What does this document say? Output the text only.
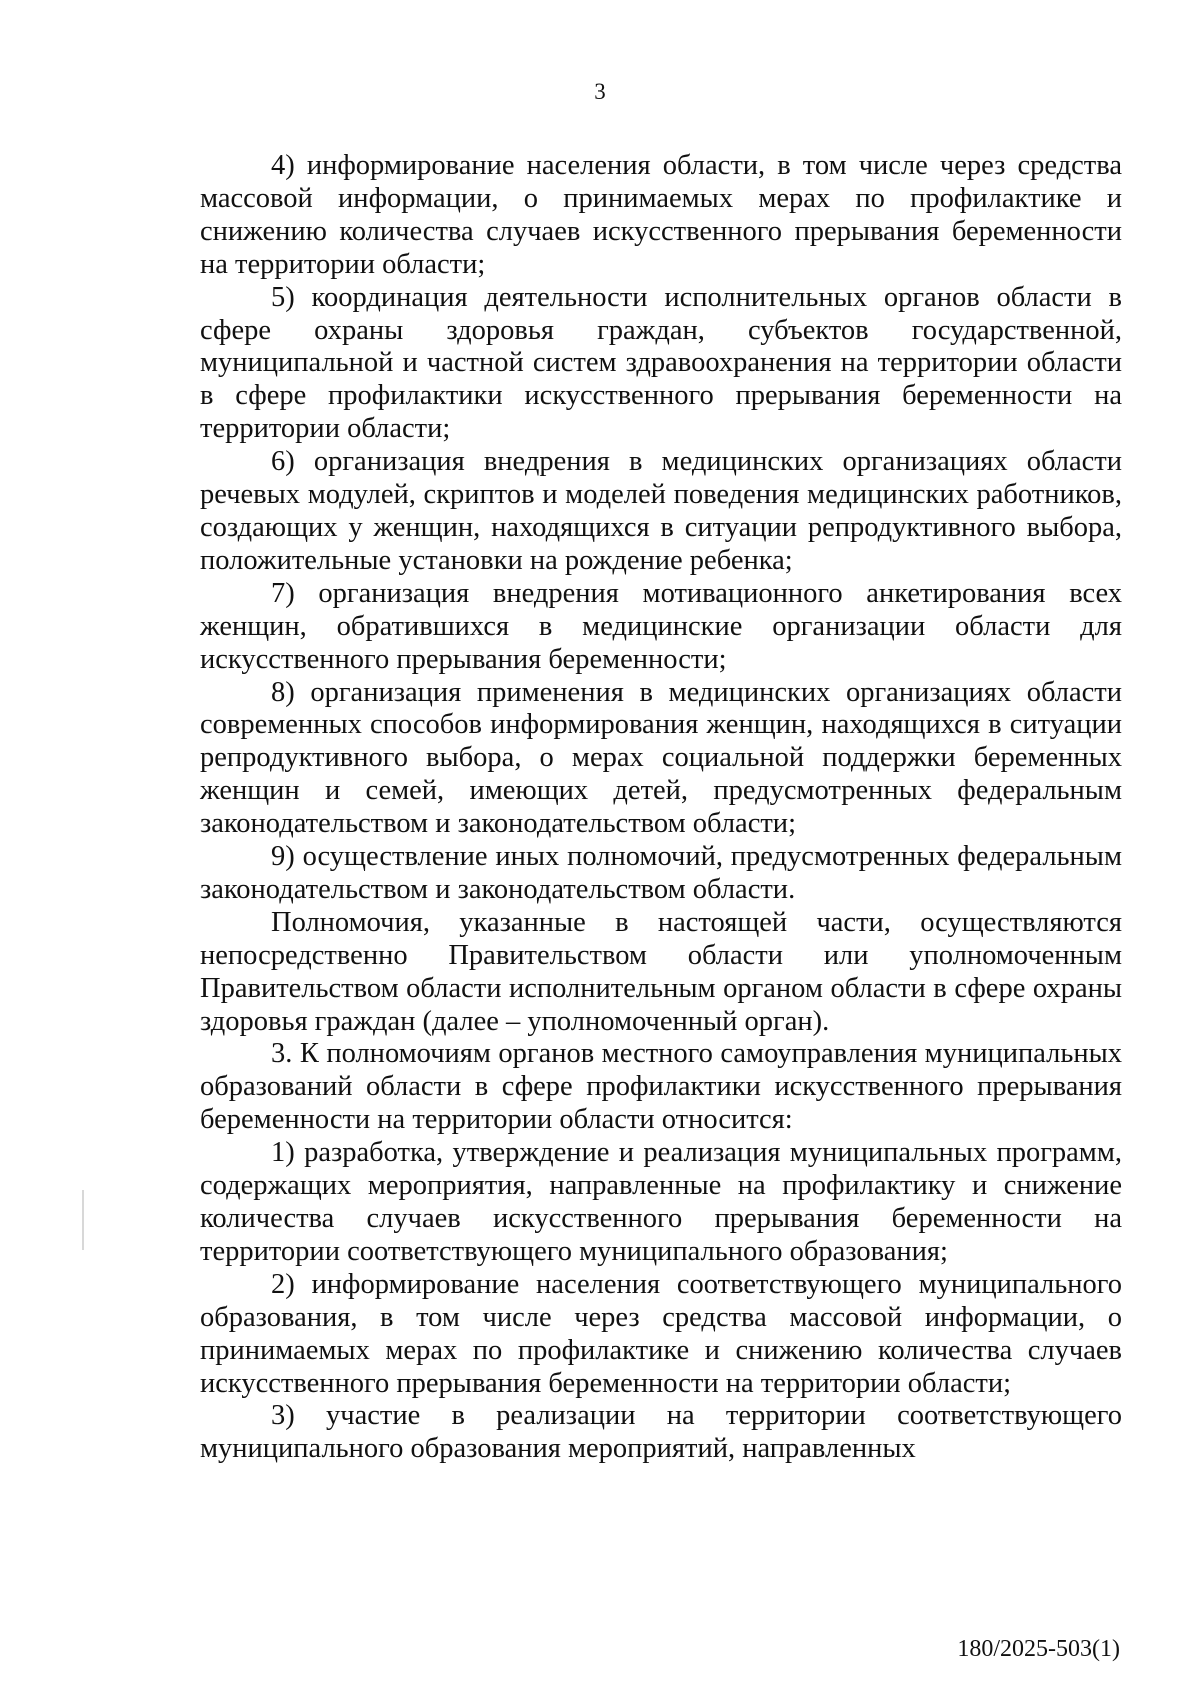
3

4) информирование населения области, в том числе через средства массовой информации, о принимаемых мерах по профилактике и снижению количества случаев искусственного прерывания беременности на территории области;

5) координация деятельности исполнительных органов области в сфере охраны здоровья граждан, субъектов государственной, муниципальной и частной систем здравоохранения на территории области в сфере профилактики искусственного прерывания беременности на территории области;

6) организация внедрения в медицинских организациях области речевых модулей, скриптов и моделей поведения медицинских работников, создающих у женщин, находящихся в ситуации репродуктивного выбора, положительные установки на рождение ребенка;

7) организация внедрения мотивационного анкетирования всех женщин, обратившихся в медицинские организации области для искусственного прерывания беременности;

8) организация применения в медицинских организациях области современных способов информирования женщин, находящихся в ситуации репродуктивного выбора, о мерах социальной поддержки беременных женщин и семей, имеющих детей, предусмотренных федеральным законодательством и законодательством области;

9) осуществление иных полномочий, предусмотренных федеральным законодательством и законодательством области.

Полномочия, указанные в настоящей части, осуществляются непосредственно Правительством области или уполномоченным Правительством области исполнительным органом области в сфере охраны здоровья граждан (далее – уполномоченный орган).

3. К полномочиям органов местного самоуправления муниципальных образований области в сфере профилактики искусственного прерывания беременности на территории области относится:

1) разработка, утверждение и реализация муниципальных программ, содержащих мероприятия, направленные на профилактику и снижение количества случаев искусственного прерывания беременности на территории соответствующего муниципального образования;

2) информирование населения соответствующего муниципального образования, в том числе через средства массовой информации, о принимаемых мерах по профилактике и снижению количества случаев искусственного прерывания беременности на территории области;

3) участие в реализации на территории соответствующего муниципального образования мероприятий, направленных

180/2025-503(1)
